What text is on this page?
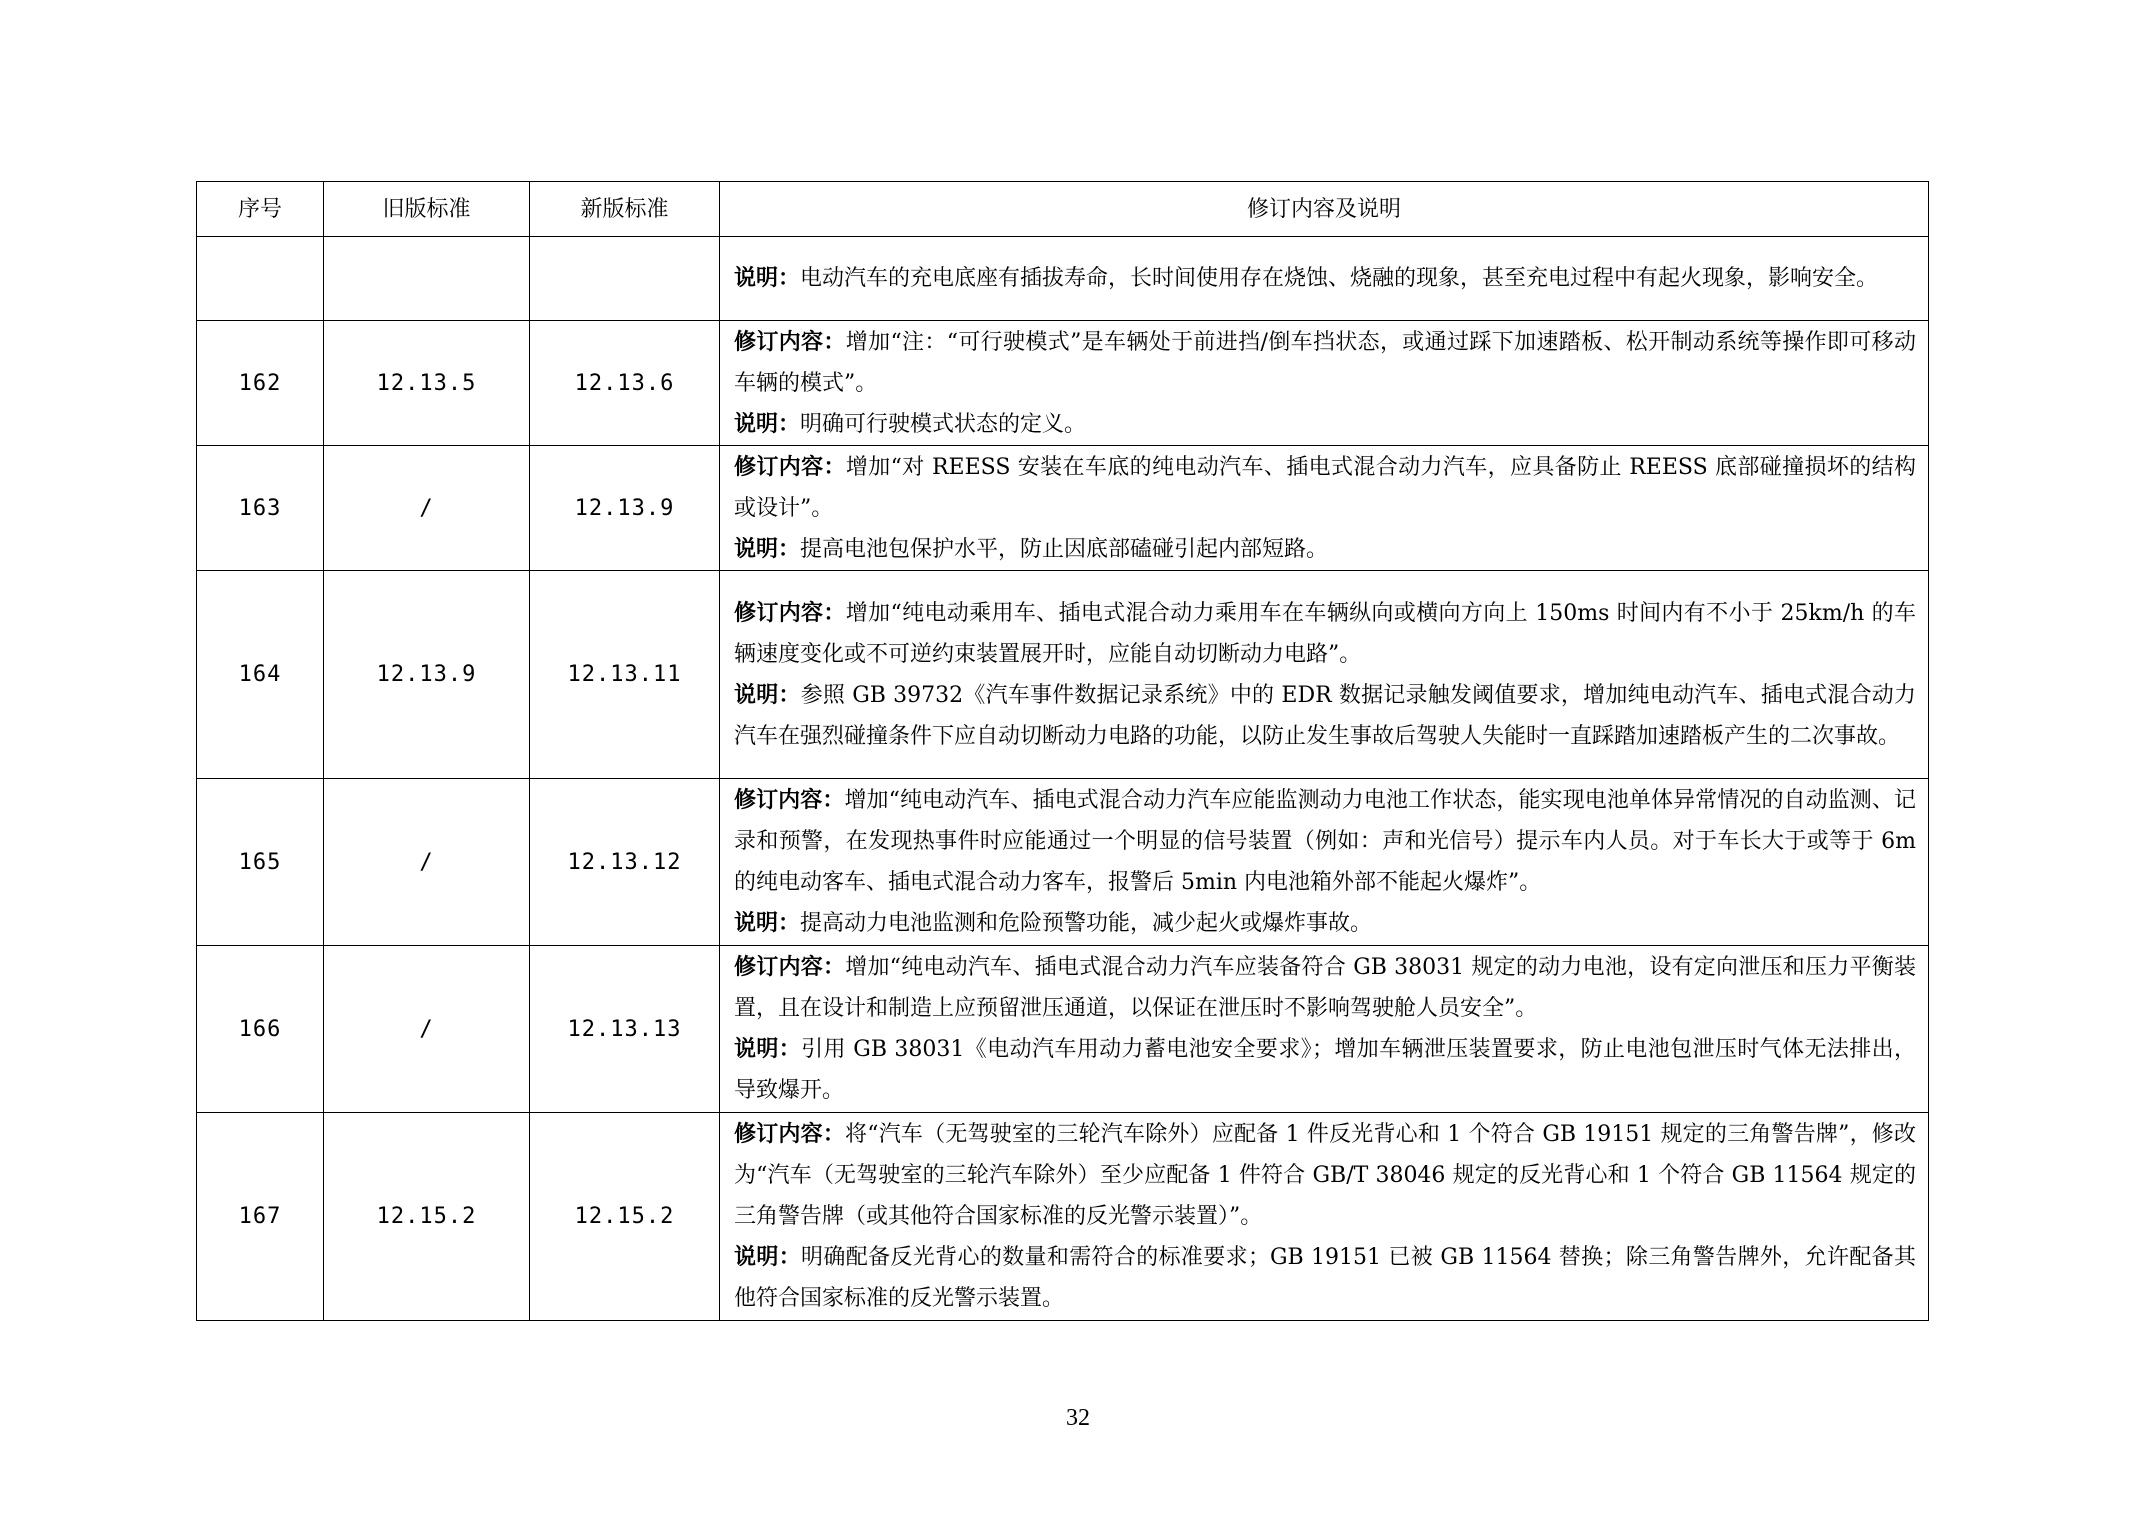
序号	旧版标准	新版标准	修订内容及说明

			说明：电动汽车的充电底座有插拔寿命，长时间使用存在烧蚀、烧融的现象，甚至充电过程中有起火现象，影响安全。

162	12.13.5	12.13.6	修订内容：增加“注：“可行驶模式”是车辆处于前进挡/倒车挡状态，或通过踩下加速踏板、松开制动系统等操作即可移动车辆的模式”。

说明：明确可行驶模式状态的定义。

163	/	12.13.9	修订内容：增加“对 REESS 安装在车底的纯电动汽车、插电式混合动力汽车，应具备防止 REESS 底部碰撞损坏的结构或设计”。

说明：提高电池包保护水平，防止因底部磕碰引起内部短路。

164	12.13.9	12.13.11	修订内容：增加“纯电动乘用车、插电式混合动力乘用车在车辆纵向或横向方向上 150ms 时间内有不小于 25km/h 的车辆速度变化或不可逆约束装置展开时，应能自动切断动力电路”。

说明：参照 GB 39732《汽车事件数据记录系统》中的 EDR 数据记录触发阈值要求，增加纯电动汽车、插电式混合动力汽车在强烈碰撞条件下应自动切断动力电路的功能，以防止发生事故后驾驶人失能时一直踩踏加速踏板产生的二次事故。

165	/	12.13.12	修订内容：增加“纯电动汽车、插电式混合动力汽车应能监测动力电池工作状态，能实现电池单体异常情况的自动监测、记录和预警，在发现热事件时应能通过一个明显的信号装置（例如：声和光信号）提示车内人员。对于车长大于或等于 6m 的纯电动客车、插电式混合动力客车，报警后 5min 内电池箱外部不能起火爆炸”。

说明：提高动力电池监测和危险预警功能，减少起火或爆炸事故。

166	/	12.13.13	修订内容：增加“纯电动汽车、插电式混合动力汽车应装备符合 GB 38031 规定的动力电池，设有定向泄压和压力平衡装置，且在设计和制造上应预留泄压通道，以保证在泄压时不影响驾驶舱人员安全”。

说明：引用 GB 38031《电动汽车用动力蓄电池安全要求》；增加车辆泄压装置要求，防止电池包泄压时气体无法排出，导致爆开。

167	12.15.2	12.15.2	修订内容：将“汽车（无驾驶室的三轮汽车除外）应配备 1 件反光背心和 1 个符合 GB 19151 规定的三角警告牌”，修改为“汽车（无驾驶室的三轮汽车除外）至少应配备 1 件符合 GB/T 38046 规定的反光背心和 1 个符合 GB 11564 规定的三角警告牌（或其他符合国家标准的反光警示装置）”。

说明：明确配备反光背心的数量和需符合的标准要求；GB 19151 已被 GB 11564 替换；除三角警告牌外，允许配备其他符合国家标准的反光警示装置。

32
